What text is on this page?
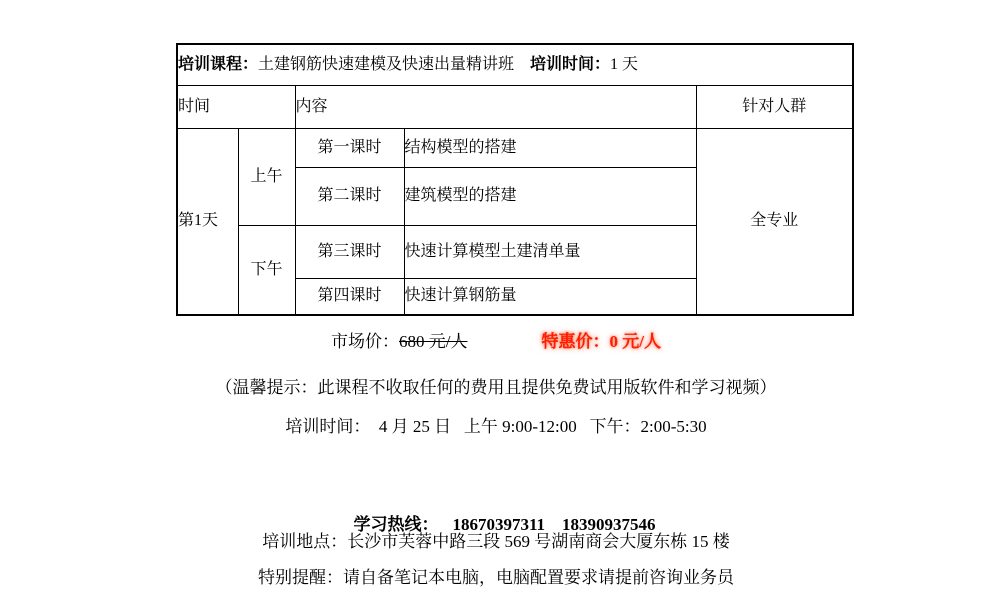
培训课程：土建钢筋快速建模及快速出量精讲班 培训时间：1 天				
时间		内容		针对人群
第1天	上午	第一课时	结构模型的搭建	全专业
		第二课时	建筑模型的搭建	
	下午	第三课时	快速计算模型土建清单量	
		第四课时	快速计算钢筋量	
市场价：680 元/人	特惠价：0 元/人
（温馨提示：此课程不收取任何的费用且提供免费试用版软件和学习视频）
培训时间：  4 月 25 日   上午 9:00-12:00   下午：2:00-5:30

学习热线： 18670397311    18390937546

培训地点：长沙市芙蓉中路三段 569 号湖南商会大厦东栋 15 楼
特别提醒：请自备笔记本电脑，电脑配置要求请提前咨询业务员
